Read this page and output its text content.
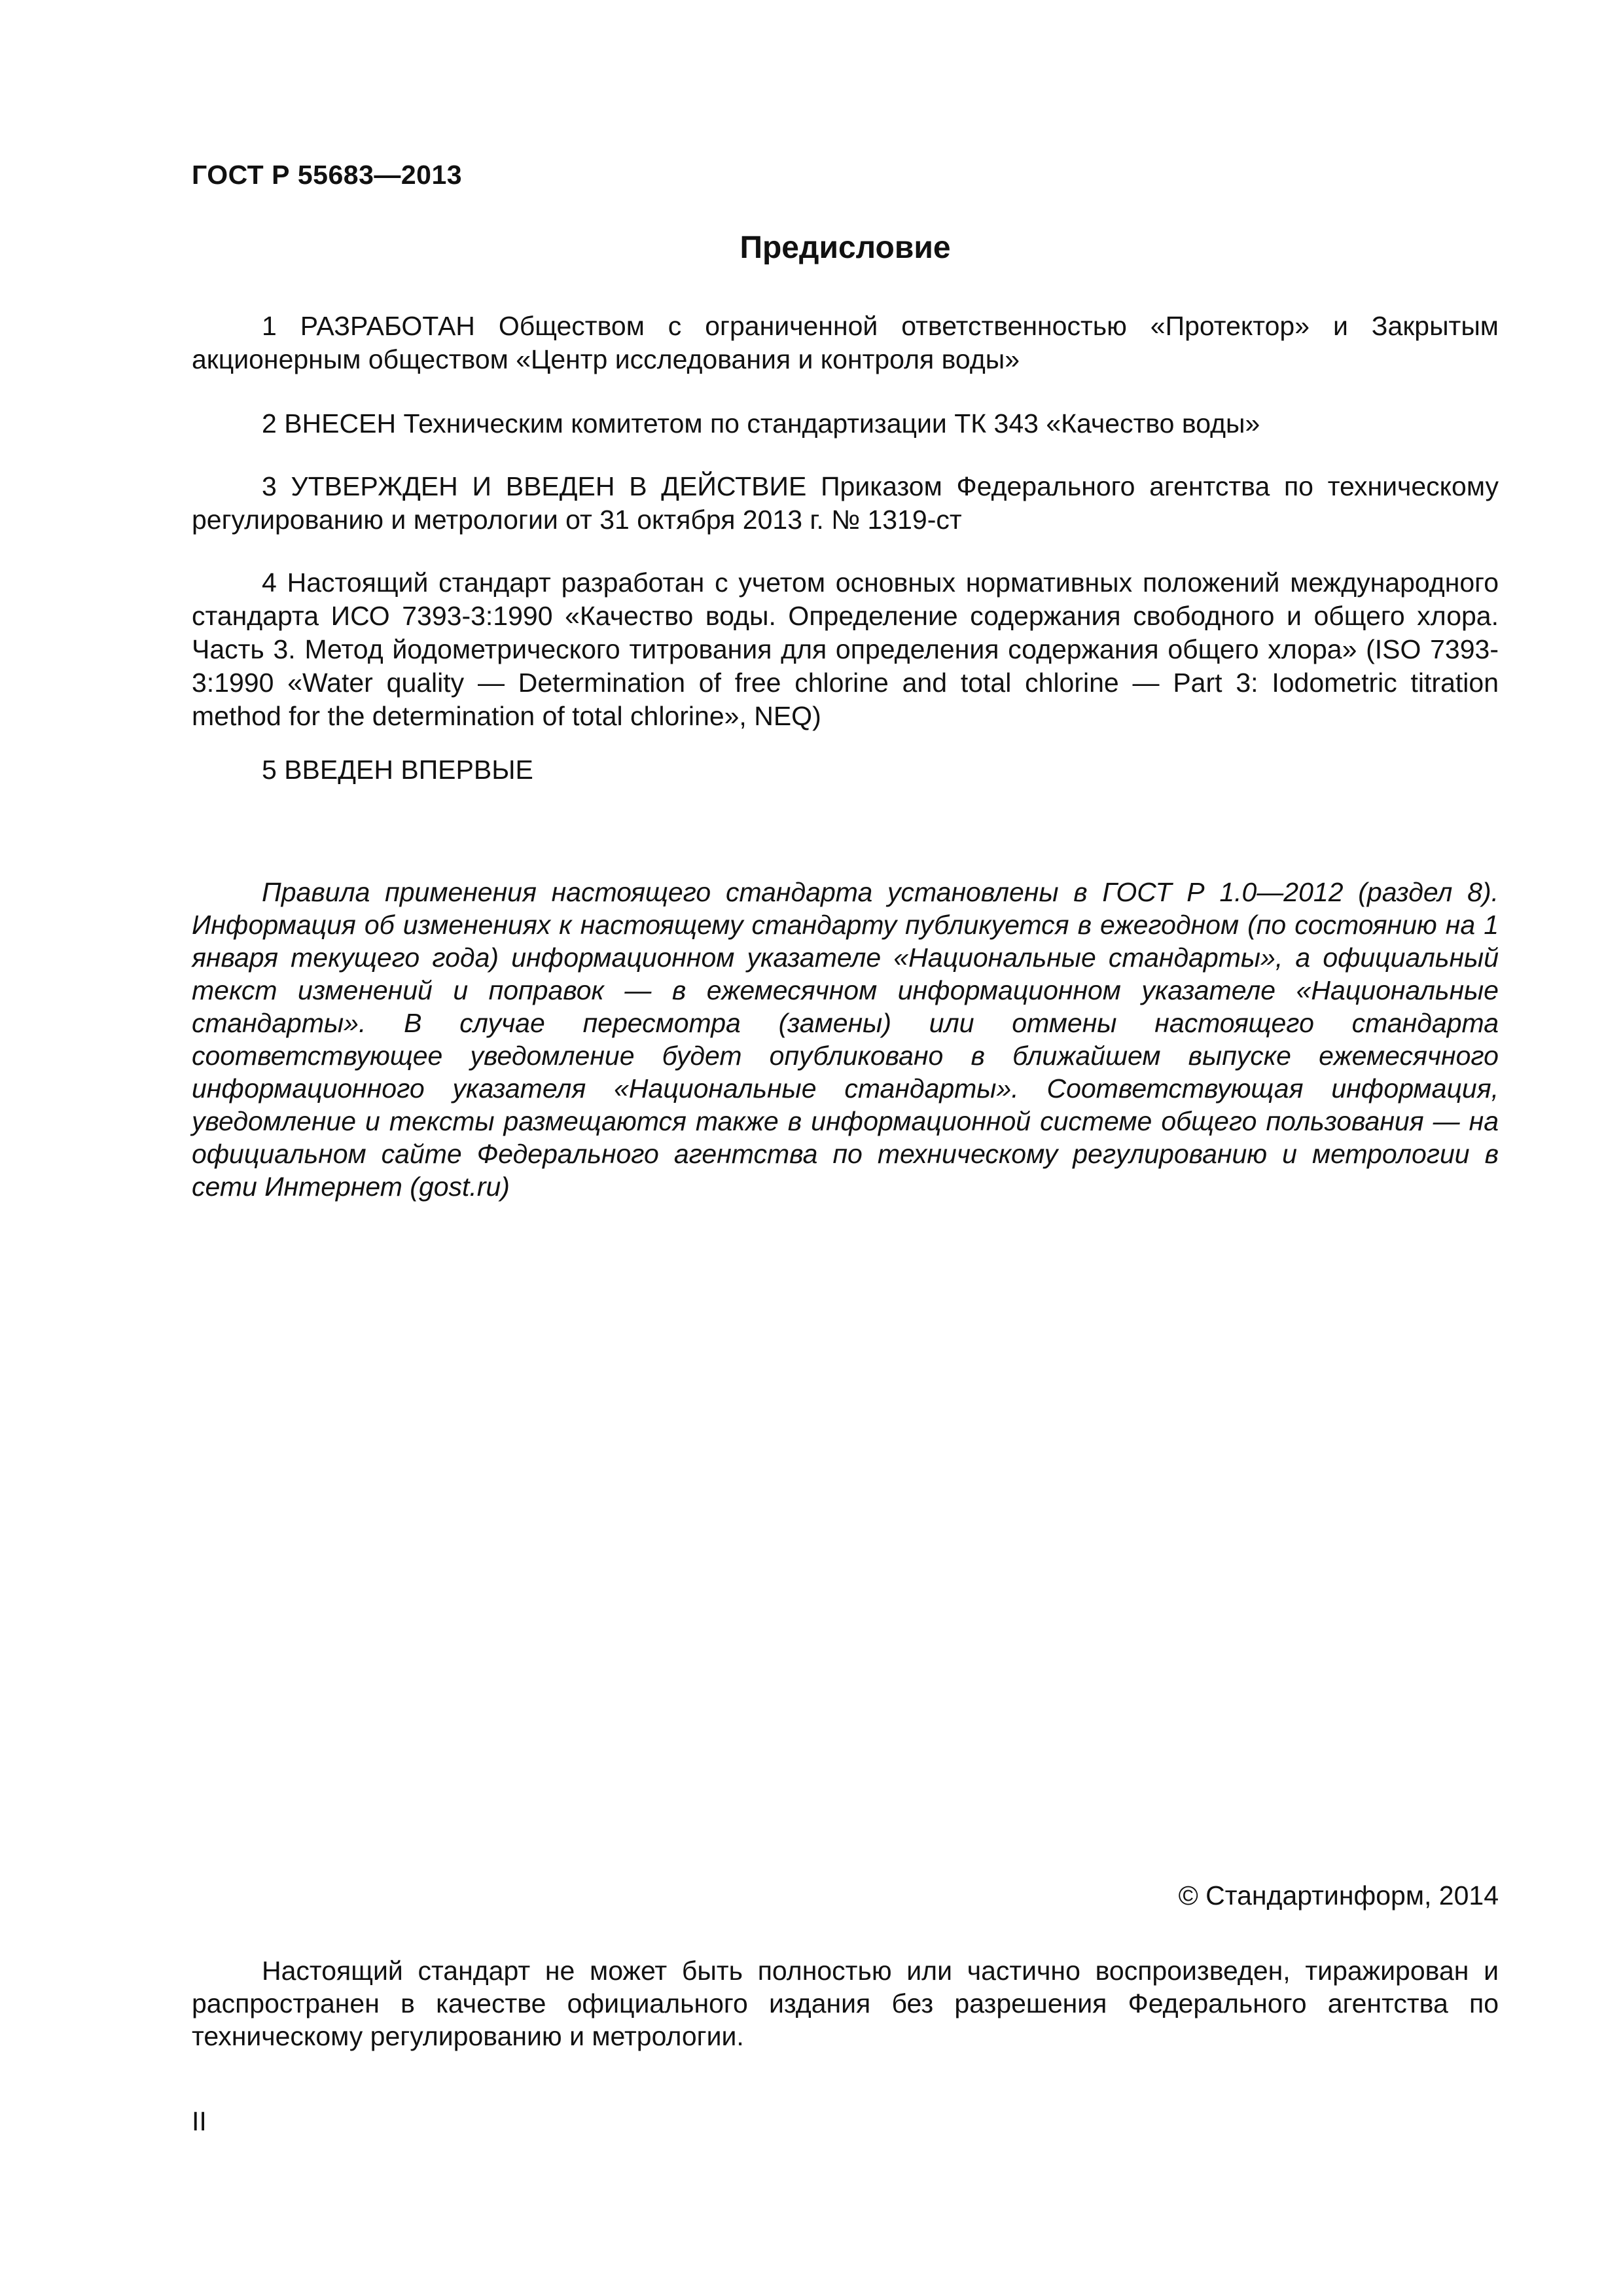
ГОСТ Р 55683—2013
Предисловие

1 РАЗРАБОТАН Обществом с ограниченной ответственностью «Протектор» и Закрытым акционерным обществом «Центр исследования и контроля воды»

2 ВНЕСЕН Техническим комитетом по стандартизации ТК 343 «Качество воды»

3 УТВЕРЖДЕН И ВВЕДЕН В ДЕЙСТВИЕ Приказом Федерального агентства по техническому регулированию и метрологии от 31 октября 2013 г. № 1319-ст

4 Настоящий стандарт разработан с учетом основных нормативных положений международного стандарта ИСО 7393-3:1990 «Качество воды. Определение содержания свободного и общего хлора. Часть 3. Метод йодометрического титрования для определения содержания общего хлора» (ISO 7393-3:1990 «Water quality — Determination of free chlorine and total chlorine — Part 3: Iodometric titration method for the determination of total chlorine», NEQ)

5 ВВЕДЕН ВПЕРВЫЕ

Правила применения настоящего стандарта установлены в ГОСТ Р 1.0—2012 (раздел 8). Информация об изменениях к настоящему стандарту публикуется в ежегодном (по состоянию на 1 января текущего года) информационном указателе «Национальные стандарты», а официальный текст изменений и поправок — в ежемесячном информационном указателе «Национальные стандарты». В случае пересмотра (замены) или отмены настоящего стандарта соответствующее уведомление будет опубликовано в ближайшем выпуске ежемесячного информационного указателя «Национальные стандарты». Соответствующая информация, уведомление и тексты размещаются также в информационной системе общего пользования — на официальном сайте Федерального агентства по техническому регулированию и метрологии в сети Интернет (gost.ru)

© Стандартинформ, 2014

Настоящий стандарт не может быть полностью или частично воспроизведен, тиражирован и распространен в качестве официального издания без разрешения Федерального агентства по техническому регулированию и метрологии.

II
